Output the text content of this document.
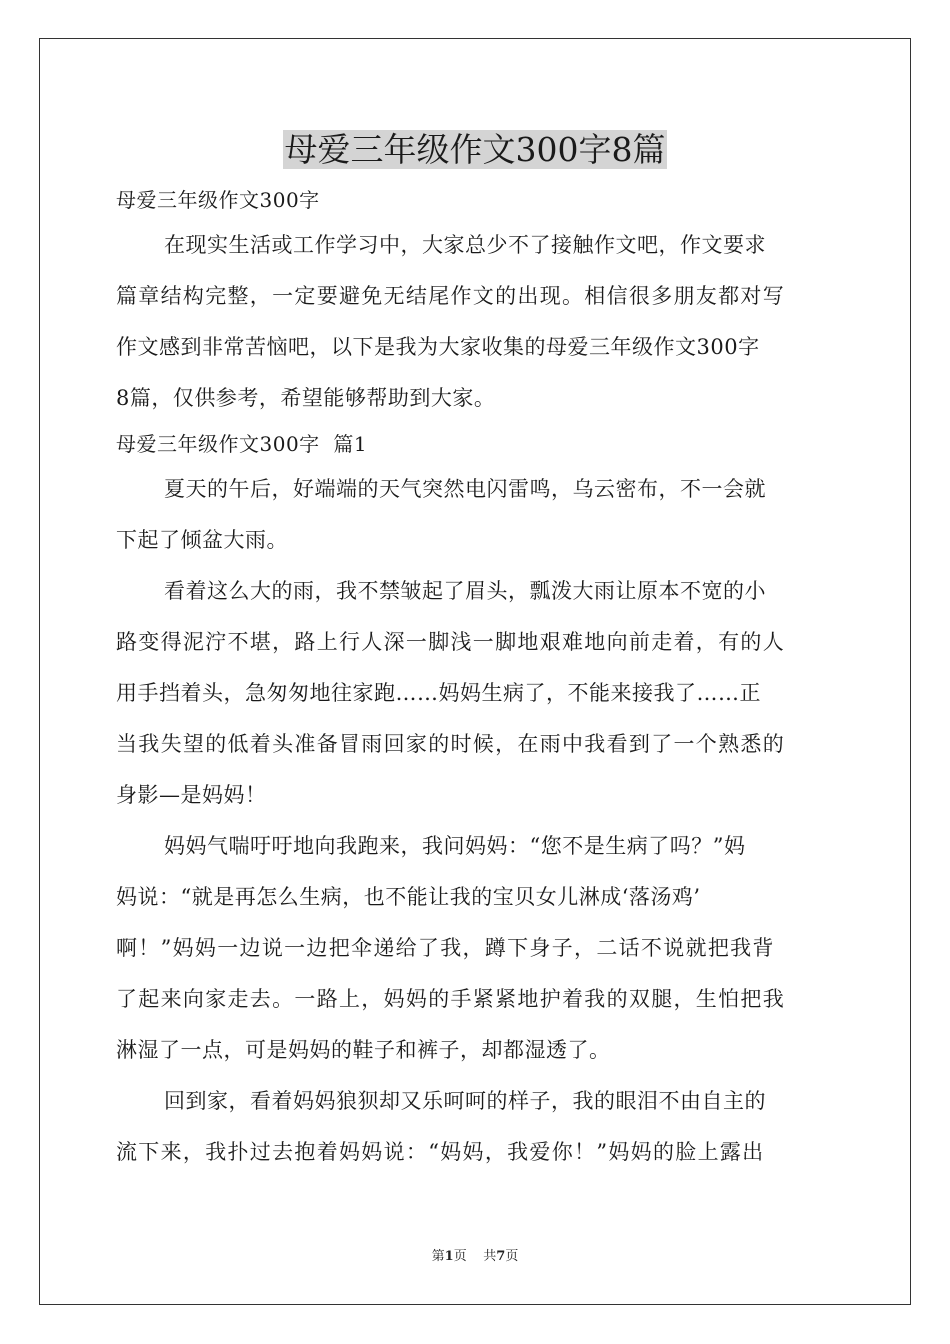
母爱三年级作文300字8篇
母爱三年级作文300字
在现实生活或工作学习中，大家总少不了接触作文吧，作文要求
篇章结构完整，一定要避免无结尾作文的出现。相信很多朋友都对写
作文感到非常苦恼吧，以下是我为大家收集的母爱三年级作文300字
8篇，仅供参考，希望能够帮助到大家。
母爱三年级作文300字  篇1
夏天的午后，好端端的天气突然电闪雷鸣，乌云密布，不一会就
下起了倾盆大雨。
看着这么大的雨，我不禁皱起了眉头，瓢泼大雨让原本不宽的小
路变得泥泞不堪，路上行人深一脚浅一脚地艰难地向前走着，有的人
用手挡着头，急匆匆地往家跑……妈妈生病了，不能来接我了……正
当我失望的低着头准备冒雨回家的时候，在雨中我看到了一个熟悉的
身影—是妈妈！
妈妈气喘吁吁地向我跑来，我问妈妈：“您不是生病了吗？”妈
妈说：“就是再怎么生病，也不能让我的宝贝女儿淋成‘落汤鸡’
啊！”妈妈一边说一边把伞递给了我，蹲下身子，二话不说就把我背
了起来向家走去。一路上，妈妈的手紧紧地护着我的双腿，生怕把我
淋湿了一点，可是妈妈的鞋子和裤子，却都湿透了。
回到家，看着妈妈狼狈却又乐呵呵的样子，我的眼泪不由自主的
流下来，我扑过去抱着妈妈说：“妈妈，我爱你！”妈妈的脸上露出
第1页 共7页
